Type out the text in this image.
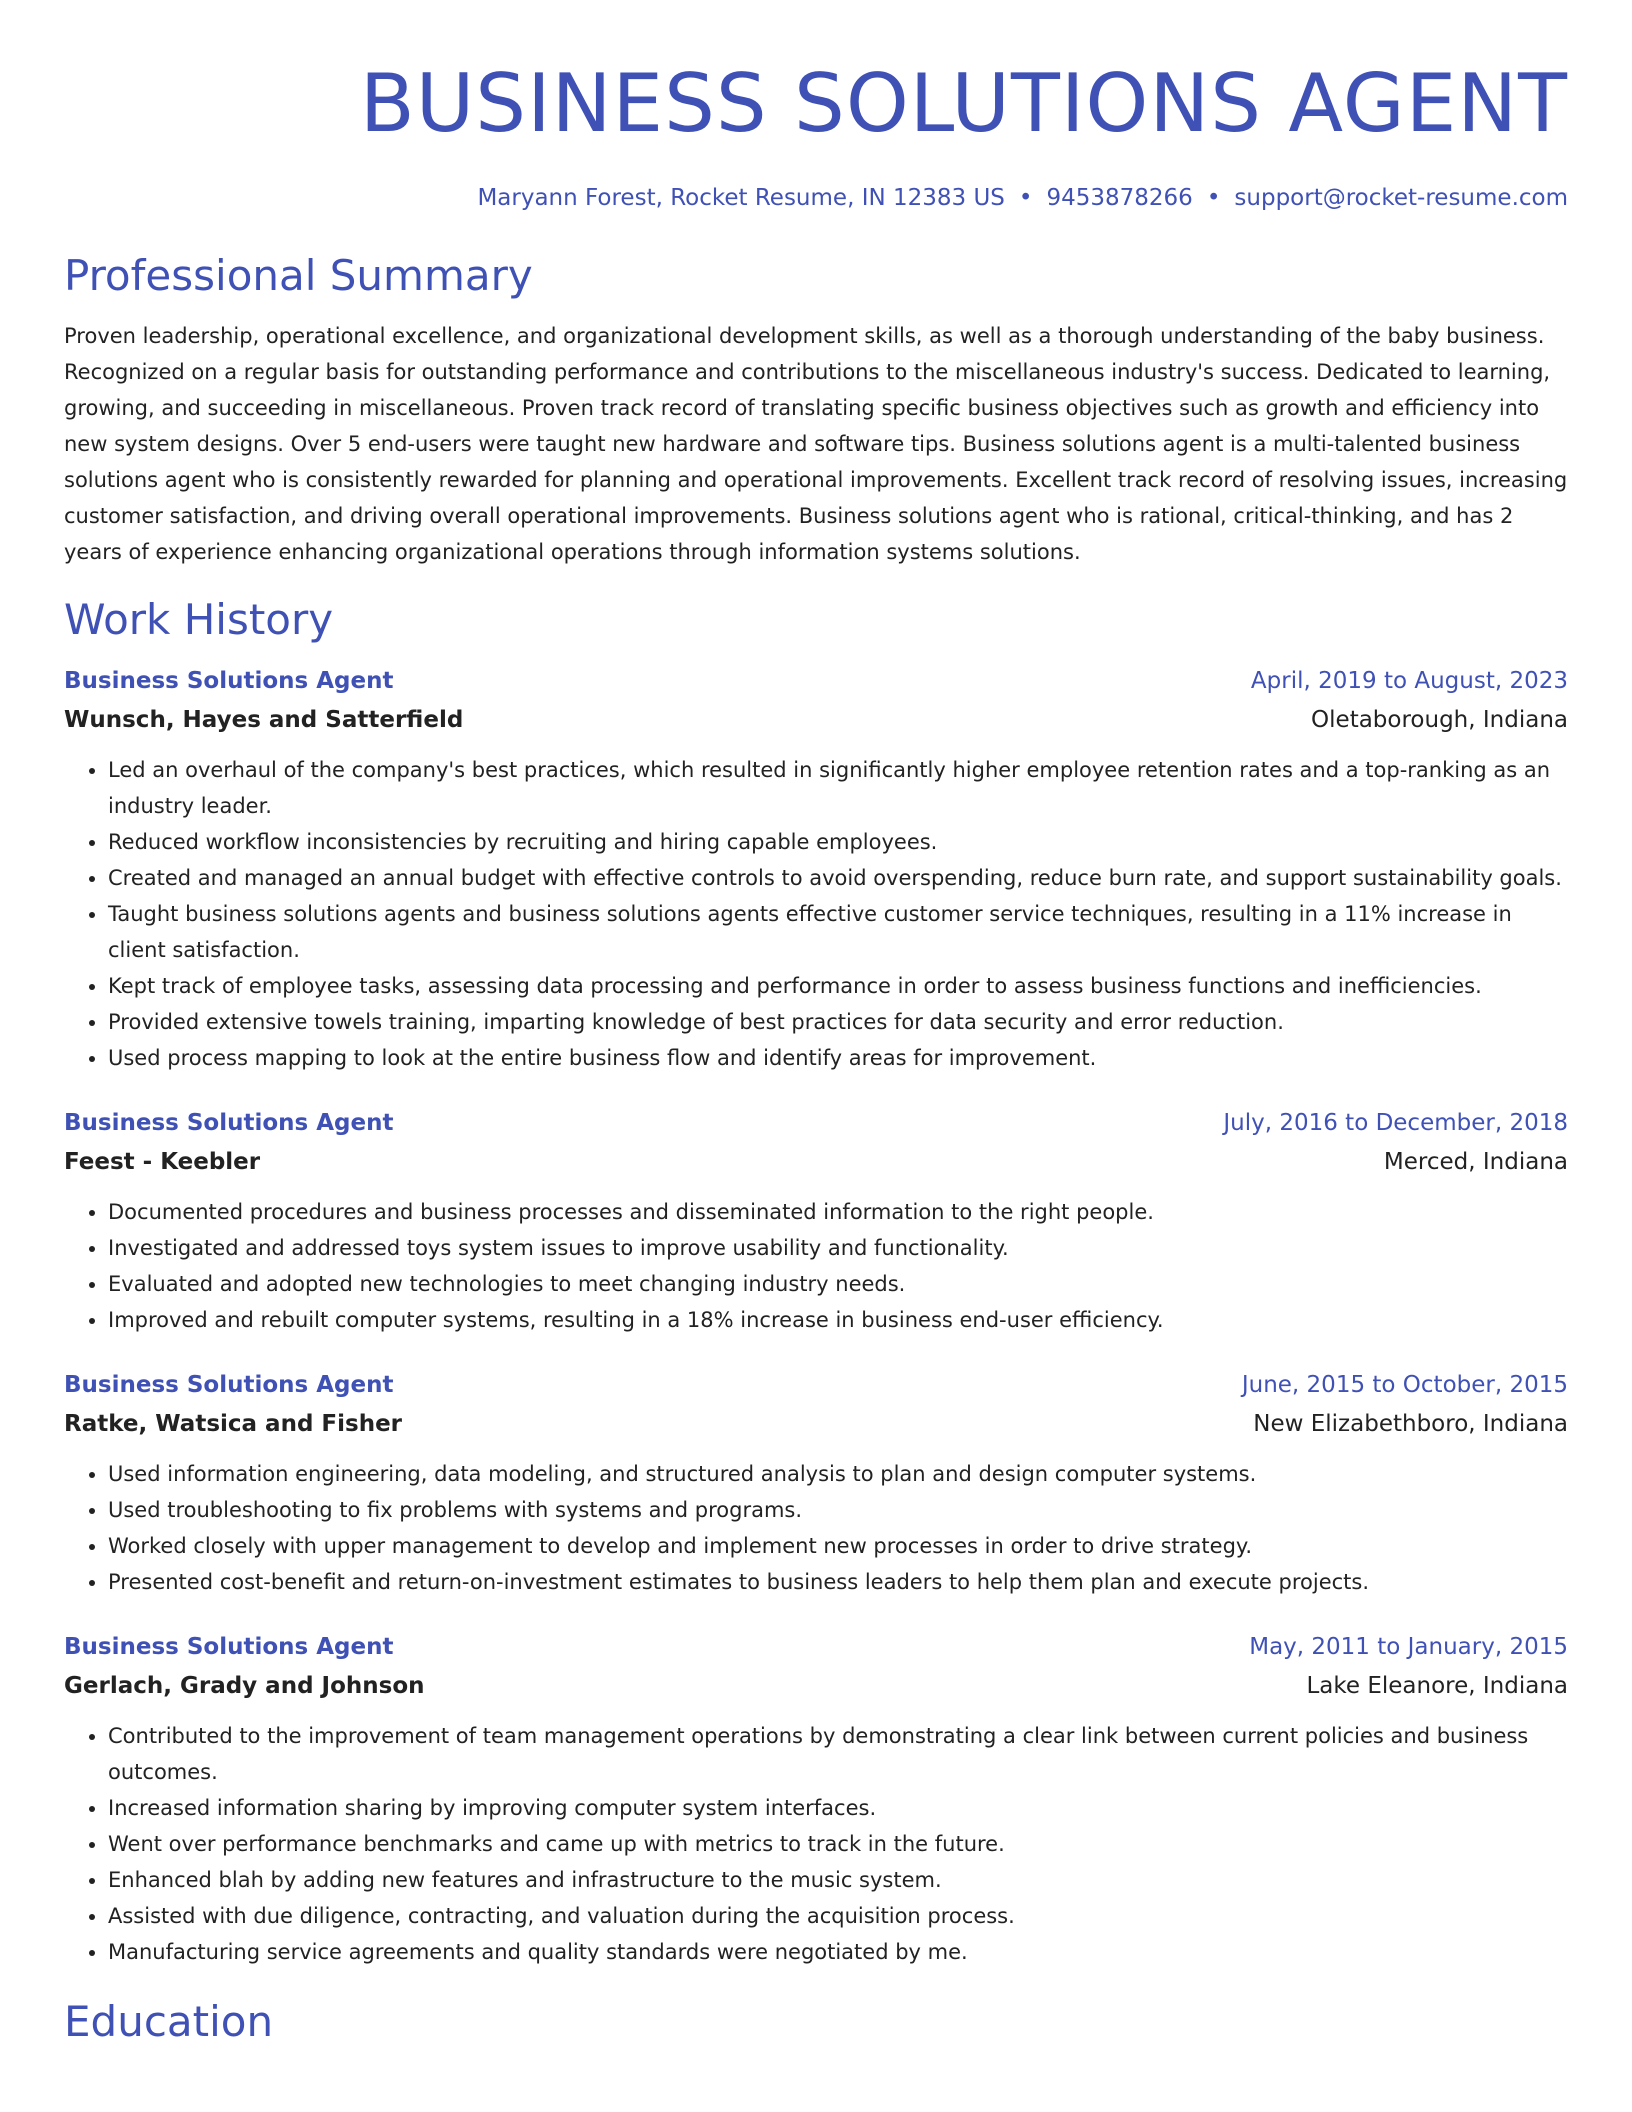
BUSINESS SOLUTIONS AGENT
Maryann Forest, Rocket Resume, IN 12383 US • 9453878266 • support@rocket-resume.com
Professional Summary
Proven leadership, operational excellence, and organizational development skills, as well as a thorough understanding of the baby business. Recognized on a regular basis for outstanding performance and contributions to the miscellaneous industry's success. Dedicated to learning, growing, and succeeding in miscellaneous. Proven track record of translating specific business objectives such as growth and efficiency into new system designs. Over 5 end-users were taught new hardware and software tips. Business solutions agent is a multi-talented business solutions agent who is consistently rewarded for planning and operational improvements. Excellent track record of resolving issues, increasing customer satisfaction, and driving overall operational improvements. Business solutions agent who is rational, critical-thinking, and has 2 years of experience enhancing organizational operations through information systems solutions.
Work History
Business Solutions Agent	April, 2019 to August, 2023
Wunsch, Hayes and Satterfield	Oletaborough, Indiana
• Led an overhaul of the company's best practices, which resulted in significantly higher employee retention rates and a top-ranking as an industry leader.
• Reduced workflow inconsistencies by recruiting and hiring capable employees.
• Created and managed an annual budget with effective controls to avoid overspending, reduce burn rate, and support sustainability goals.
• Taught business solutions agents and business solutions agents effective customer service techniques, resulting in a 11% increase in client satisfaction.
• Kept track of employee tasks, assessing data processing and performance in order to assess business functions and inefficiencies.
• Provided extensive towels training, imparting knowledge of best practices for data security and error reduction.
• Used process mapping to look at the entire business flow and identify areas for improvement.
Business Solutions Agent	July, 2016 to December, 2018
Feest - Keebler	Merced, Indiana
• Documented procedures and business processes and disseminated information to the right people.
• Investigated and addressed toys system issues to improve usability and functionality.
• Evaluated and adopted new technologies to meet changing industry needs.
• Improved and rebuilt computer systems, resulting in a 18% increase in business end-user efficiency.
Business Solutions Agent	June, 2015 to October, 2015
Ratke, Watsica and Fisher	New Elizabethboro, Indiana
• Used information engineering, data modeling, and structured analysis to plan and design computer systems.
• Used troubleshooting to fix problems with systems and programs.
• Worked closely with upper management to develop and implement new processes in order to drive strategy.
• Presented cost-benefit and return-on-investment estimates to business leaders to help them plan and execute projects.
Business Solutions Agent	May, 2011 to January, 2015
Gerlach, Grady and Johnson	Lake Eleanore, Indiana
• Contributed to the improvement of team management operations by demonstrating a clear link between current policies and business outcomes.
• Increased information sharing by improving computer system interfaces.
• Went over performance benchmarks and came up with metrics to track in the future.
• Enhanced blah by adding new features and infrastructure to the music system.
• Assisted with due diligence, contracting, and valuation during the acquisition process.
• Manufacturing service agreements and quality standards were negotiated by me.
Education
